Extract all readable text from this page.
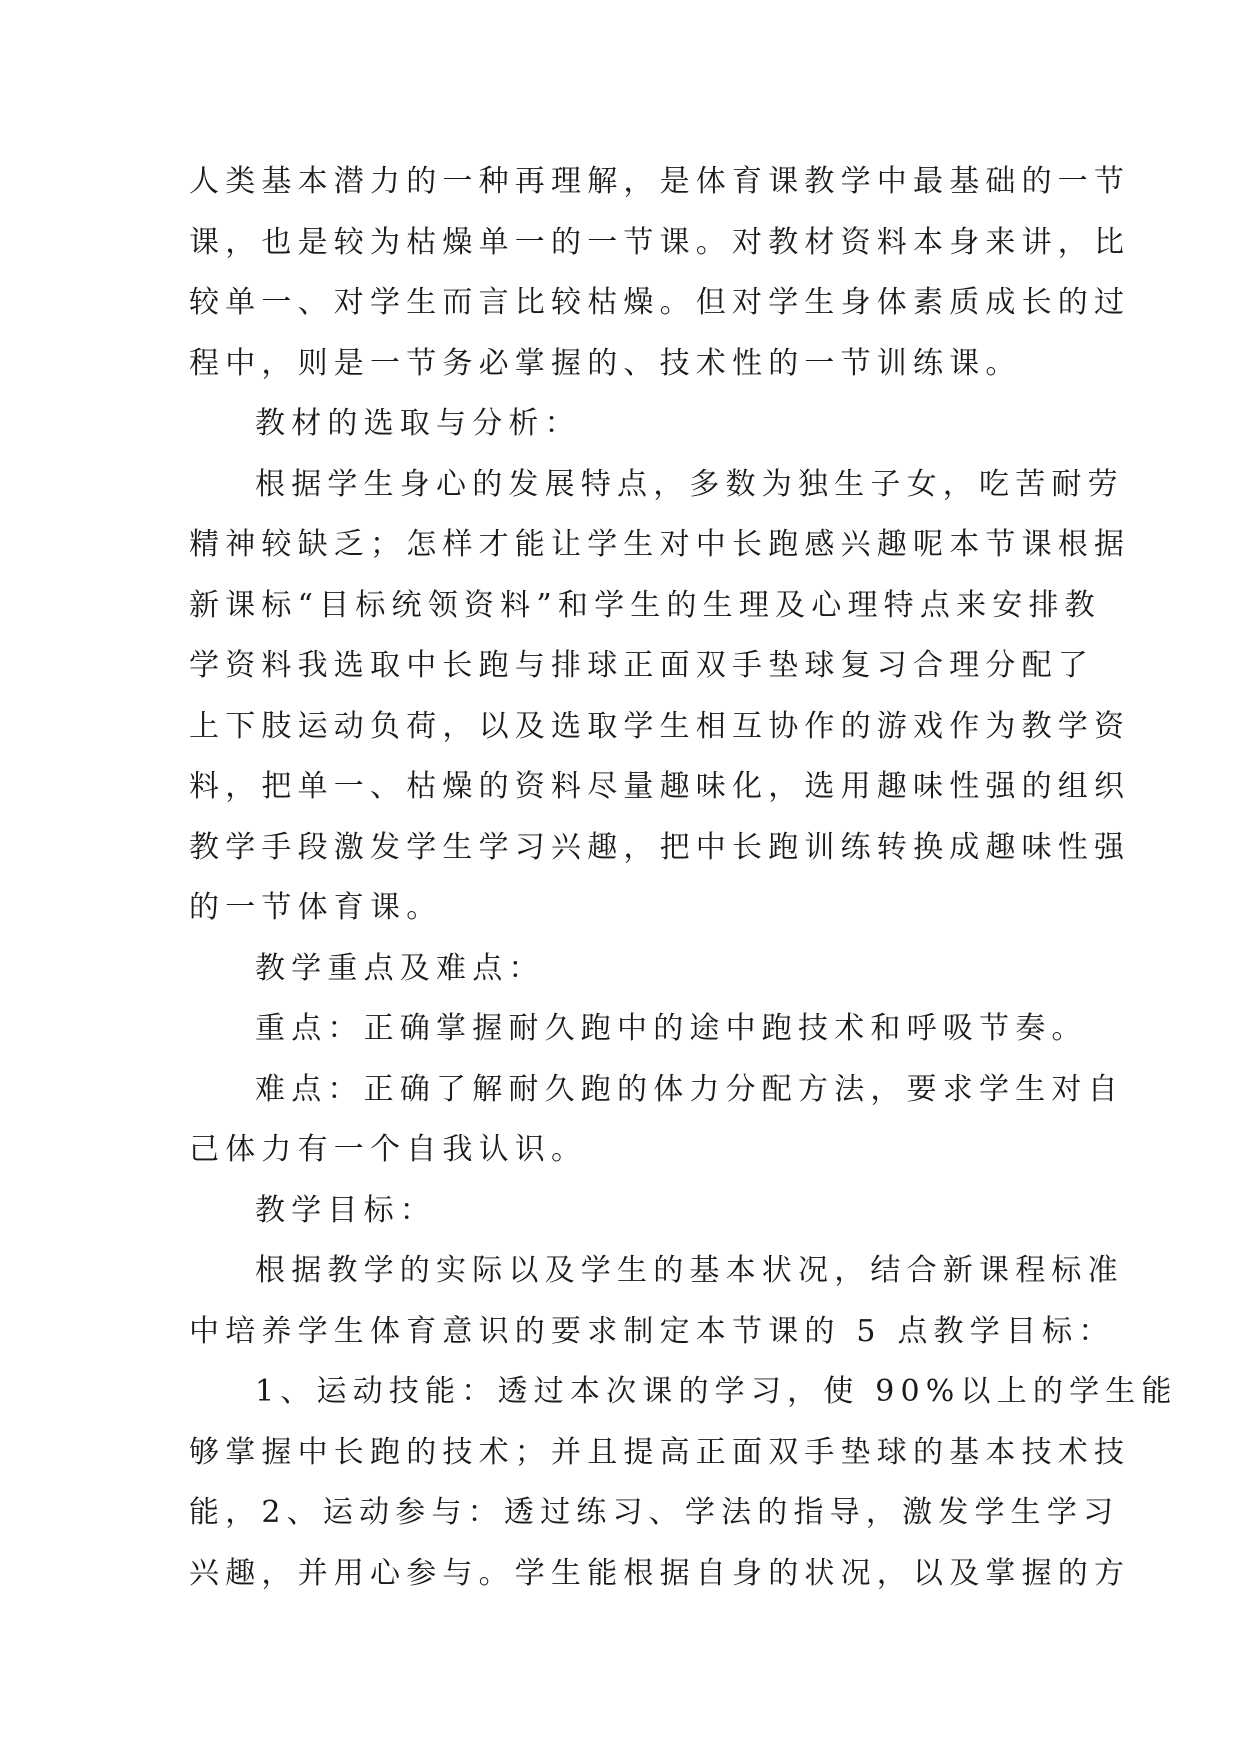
人类基本潜力的一种再理解，是体育课教学中最基础的一节
课，也是较为枯燥单一的一节课。对教材资料本身来讲，比
较单一、对学生而言比较枯燥。但对学生身体素质成长的过
程中，则是一节务必掌握的、技术性的一节训练课。

教材的选取与分析：

根据学生身心的发展特点，多数为独生子女，吃苦耐劳
精神较缺乏；怎样才能让学生对中长跑感兴趣呢本节课根据
新课标“目标统领资料”和学生的生理及心理特点来安排教
学资料我选取中长跑与排球正面双手垫球复习合理分配了
上下肢运动负荷，以及选取学生相互协作的游戏作为教学资
料，把单一、枯燥的资料尽量趣味化，选用趣味性强的组织
教学手段激发学生学习兴趣，把中长跑训练转换成趣味性强
的一节体育课。

教学重点及难点：

重点：正确掌握耐久跑中的途中跑技术和呼吸节奏。

难点：正确了解耐久跑的体力分配方法，要求学生对自
己体力有一个自我认识。

教学目标：

根据教学的实际以及学生的基本状况，结合新课程标准
中培养学生体育意识的要求制定本节课的 5 点教学目标：

1、运动技能：透过本次课的学习，使 90%以上的学生能
够掌握中长跑的技术；并且提高正面双手垫球的基本技术技
能，2、运动参与：透过练习、学法的指导，激发学生学习
兴趣，并用心参与。学生能根据自身的状况，以及掌握的方
